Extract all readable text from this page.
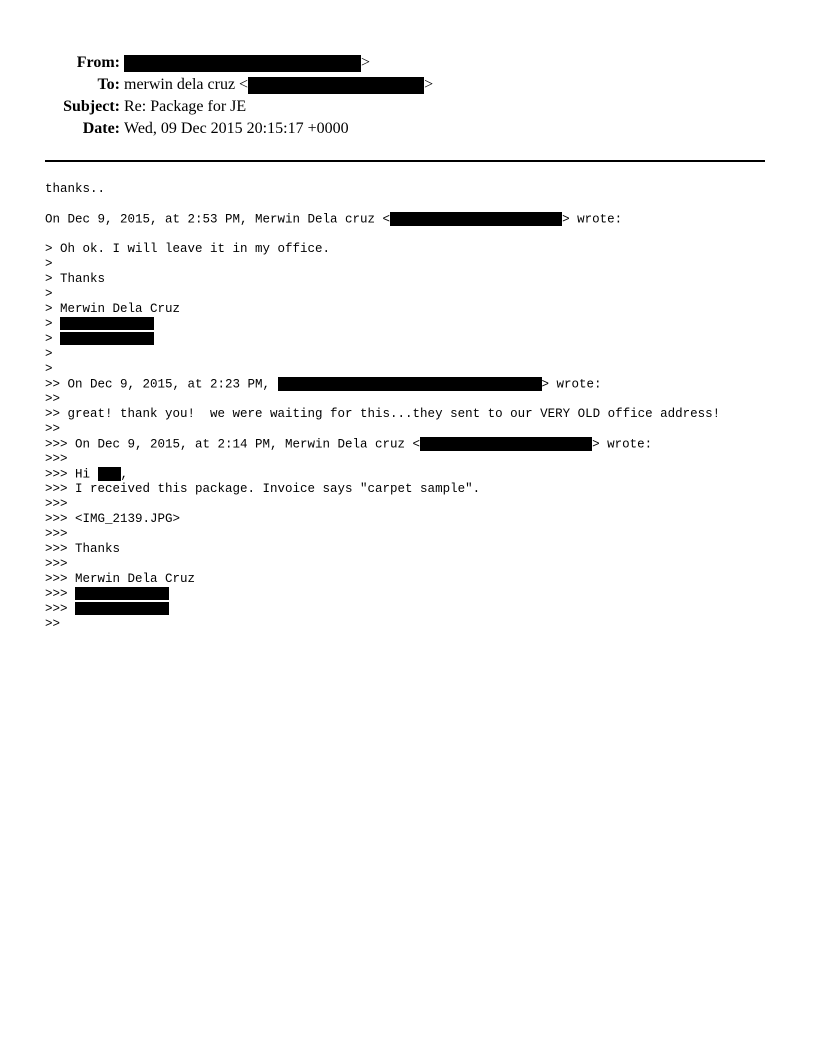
From:	>
To: merwin dela cruz <	>
Subject: Re: Package for JE
Date: Wed, 09 Dec 2015 20:15:17 +0000
thanks..
On Dec 9, 2015, at 2:53 PM, Merwin Dela cruz <	> wrote:
> Oh ok. I will leave it in my office.
>
> Thanks
>
> Merwin Dela Cruz
>
>
>
>
>> On Dec 9, 2015, at 2:23 PM,	> wrote:
>>
>> great! thank you!  we were waiting for this...they sent to our VERY OLD office address!
>>
>>> On Dec 9, 2015, at 2:14 PM, Merwin Dela cruz <	> wrote:
>>>
>>> Hi ,
>>> I received this package. Invoice says "carpet sample".
>>>
>>> <IMG_2139.JPG>
>>>
>>> Thanks
>>>
>>> Merwin Dela Cruz
>>>
>>>
>>
